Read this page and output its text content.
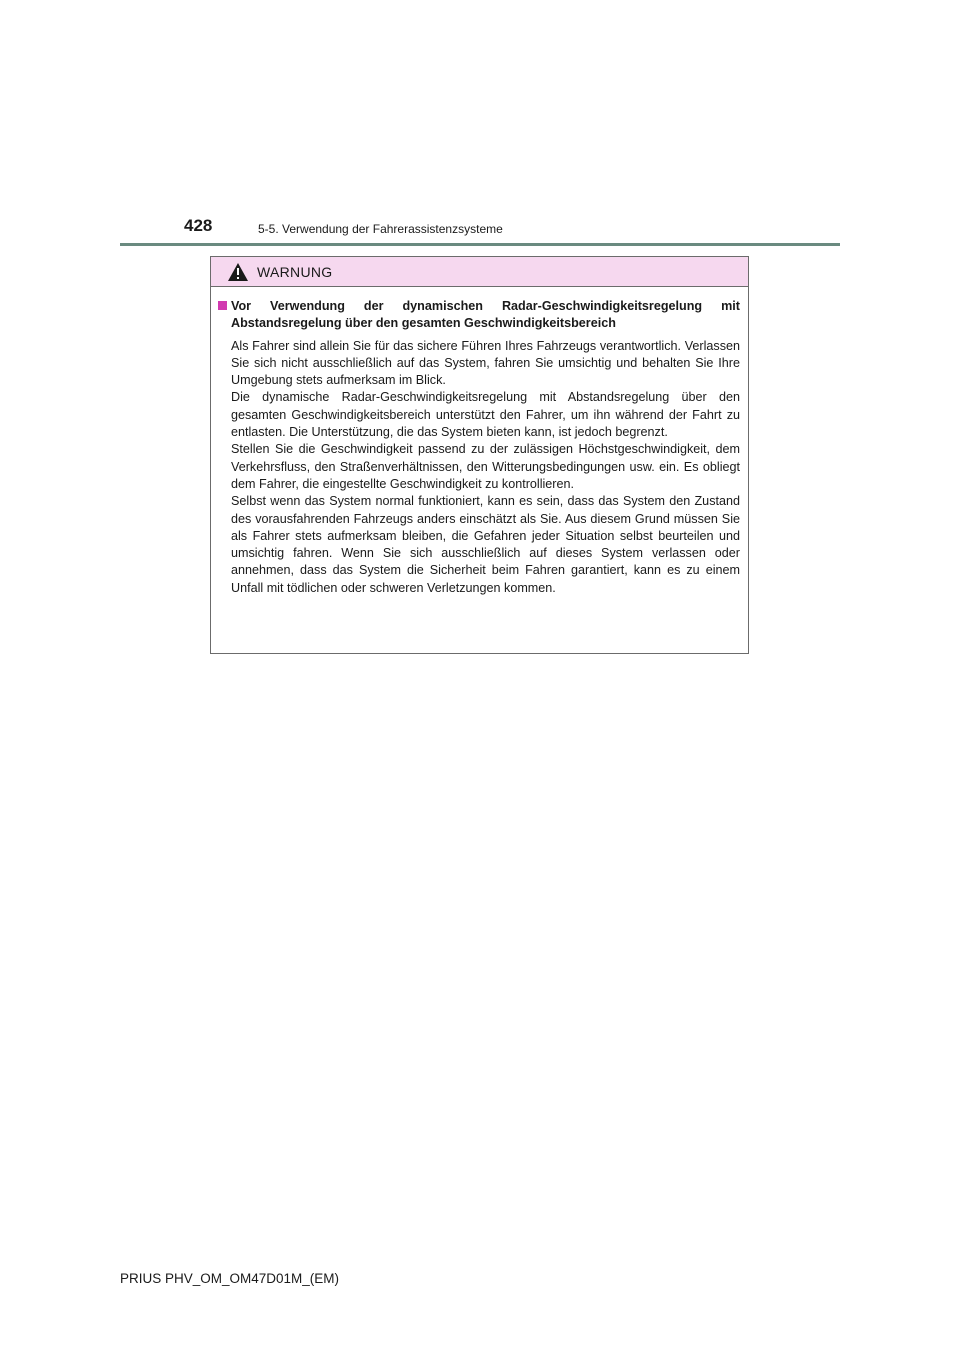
428	5-5. Verwendung der Fahrerassistenzsysteme
WARNUNG
Vor Verwendung der dynamischen Radar-Geschwindigkeitsregelung mit Abstandsregelung über den gesamten Geschwindigkeitsbereich

Als Fahrer sind allein Sie für das sichere Führen Ihres Fahrzeugs verantwortlich. Verlassen Sie sich nicht ausschließlich auf das System, fahren Sie umsichtig und behalten Sie Ihre Umgebung stets aufmerksam im Blick.

Die dynamische Radar-Geschwindigkeitsregelung mit Abstandsregelung über den gesamten Geschwindigkeitsbereich unterstützt den Fahrer, um ihn während der Fahrt zu entlasten. Die Unterstützung, die das System bieten kann, ist jedoch begrenzt.

Stellen Sie die Geschwindigkeit passend zu der zulässigen Höchstgeschwindigkeit, dem Verkehrsfluss, den Straßenverhältnissen, den Witterungsbedingungen usw. ein. Es obliegt dem Fahrer, die eingestellte Geschwindigkeit zu kontrollieren.

Selbst wenn das System normal funktioniert, kann es sein, dass das System den Zustand des vorausfahrenden Fahrzeugs anders einschätzt als Sie. Aus diesem Grund müssen Sie als Fahrer stets aufmerksam bleiben, die Gefahren jeder Situation selbst beurteilen und umsichtig fahren. Wenn Sie sich ausschließlich auf dieses System verlassen oder annehmen, dass das System die Sicherheit beim Fahren garantiert, kann es zu einem Unfall mit tödlichen oder schweren Verletzungen kommen.

PRIUS PHV_OM_OM47D01M_(EM)
